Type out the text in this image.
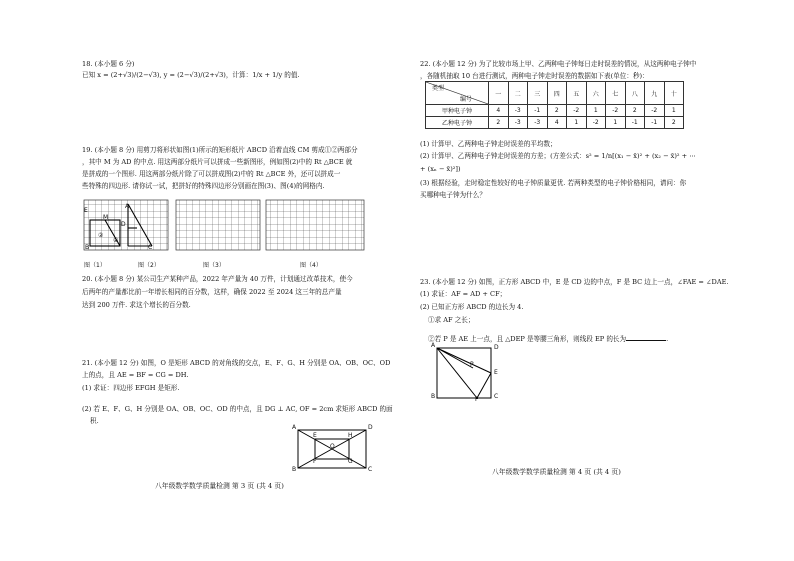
18. (本小题 6 分)
已知 x = (2+√3)/(2−√3), y = (2−√3)/(2+√3)，计算：1/x + 1/y 的值.
19. (本小题 8 分) 用剪刀将形状如图(1)所示的矩形纸片 ABCD 沿着直线 CM 剪成①②两部分
，其中 M 为 AD 的中点. 用这两部分纸片可以拼成一些新图形，例如图(2)中的 Rt △BCE 就
是拼成的一个图形. 用这两部分纸片除了可以拼成图(2)中的 Rt △BCE 外，还可以拼成一
些特殊的四边形. 请你试一试，把拼好的特殊四边形分别画在图(3)、图(4)的网格内.
E
A
M
D
②
①
B	C
图（1）	图（2）	图（3）	图（4）
20. (本小题 8 分) 某公司生产某种产品，2022 年产量为 40 万件，计划通过改革技术，使今
后两年的产量都比前一年增长相同的百分数，这样，确保 2022 至 2024 这三年的总产量
达到 200 万件. 求这个增长的百分数.
21. (本小题 12 分) 如图，O 是矩形 ABCD 的对角线的交点，E、F、G、H 分别是 OA、OB、OC、OD
上的点，且 AE = BF = CG = DH.
(1) 求证：四边形 EFGH 是矩形.
(2) 若 E、F、G、H 分别是 OA、OB、OC、OD 的中点，且 DG ⊥ AC, OF = 2cm 求矩形 ABCD 的面
积.
A	D
E	H
O
F	G
B	C
八年级数学数学质量检测 第 3 页 (共 4 页)
22. (本小题 12 分) 为了比较市场上甲、乙两种电子钟每日走时误差的情况，从这两种电子钟中
，各随机抽取 10 台进行测试，两种电子钟走时误差的数据如下表(单位：秒)：
类型
编号	一	二	三	四	五	六	七	八	九	十
甲种电子钟	4	-3	-1	2	-2	1	-2	2	-2	1
乙种电子钟	2	-3	-3	4	1	-2	1	-1	-1	2
(1) 计算甲、乙两种电子钟走时误差的平均数；
(2) 计算甲、乙两种电子钟走时误差的方差；(方差公式：s² = 1/n[(x₁ − x̄)² + (x₂ − x̄)² + ⋯
+ (xₙ − x̄)²])
(3) 根据经验，走时稳定性较好的电子钟质量更优. 若两种类型的电子钟价格相同，请问：你
买哪种电子钟为什么？
23. (本小题 12 分) 如图，正方形 ABCD 中，E 是 CD 边的中点，F 是 BC 边上一点，∠FAE = ∠DAE.
(1) 求证：AF = AD + CF；
(2) 已知正方形 ABCD 的边长为 4.
①求 AF 之长；
②若 P 是 AE 上一点，且 △DEP 是等腰三角形，则线段 EP 的长为	.
A	D
E
P
B	F	C
八年级数学数学质量检测 第 4 页 (共 4 页)
